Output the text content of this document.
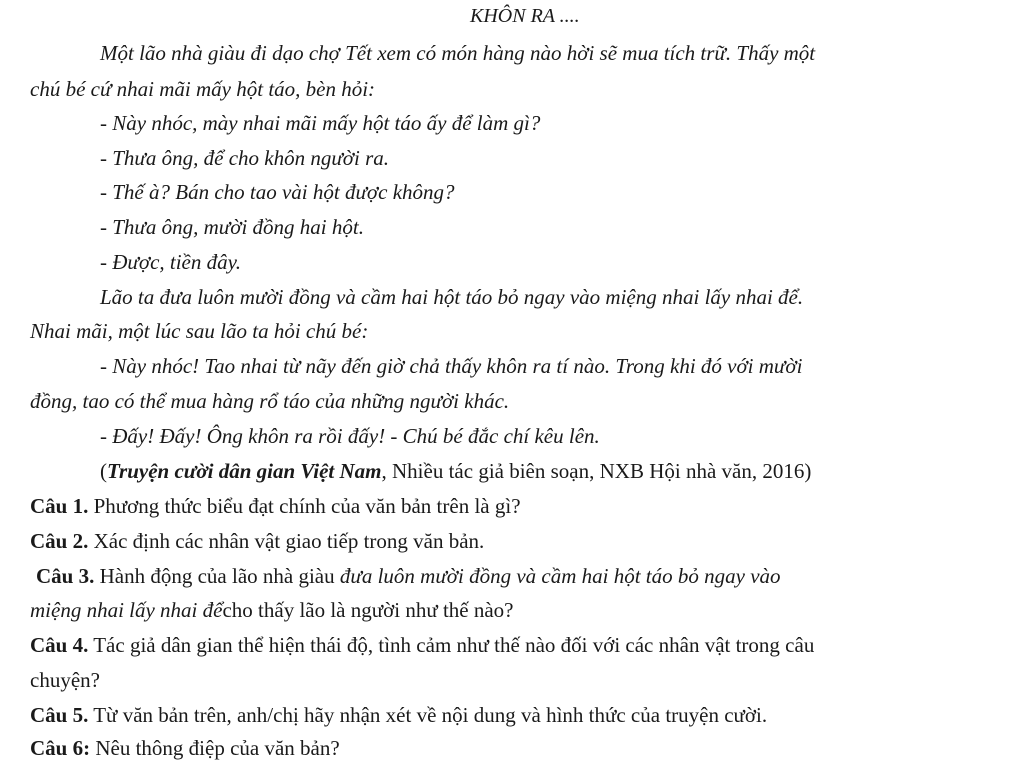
KHÔN RA ....
Một lão nhà giàu đi dạo chợ Tết xem có món hàng nào hời sẽ mua tích trữ. Thấy một
chú bé cứ nhai mãi mấy hột táo, bèn hỏi:
- Này nhóc, mày nhai mãi mấy hột táo ấy để làm gì?
- Thưa ông, để cho khôn người ra.
- Thế à? Bán cho tao vài hột được không?
- Thưa ông, mười đồng hai hột.
- Được, tiền đây.
Lão ta đưa luôn mười đồng và cầm hai hột táo bỏ ngay vào miệng nhai lấy nhai để.
Nhai mãi, một lúc sau lão ta hỏi chú bé:
- Này nhóc! Tao nhai từ nãy đến giờ chả thấy khôn ra tí nào. Trong khi đó với mười
đồng, tao có thể mua hàng rổ táo của những người khác.
- Đấy! Đấy! Ông khôn ra rồi đấy! - Chú bé đắc chí kêu lên.
(Truyện cười dân gian Việt Nam, Nhiều tác giả biên soạn, NXB Hội nhà văn, 2016)
Câu 1. Phương thức biểu đạt chính của văn bản trên là gì?
Câu 2. Xác định các nhân vật giao tiếp trong văn bản.
Câu 3. Hành động của lão nhà giàu đưa luôn mười đồng và cầm hai hột táo bỏ ngay vào
miệng nhai lấy nhai đểcho thấy lão là người như thế nào?
Câu 4. Tác giả dân gian thể hiện thái độ, tình cảm như thế nào đối với các nhân vật trong câu
chuyện?
Câu 5. Từ văn bản trên, anh/chị hãy nhận xét về nội dung và hình thức của truyện cười.
Câu 6: Nêu thông điệp của văn bản?
